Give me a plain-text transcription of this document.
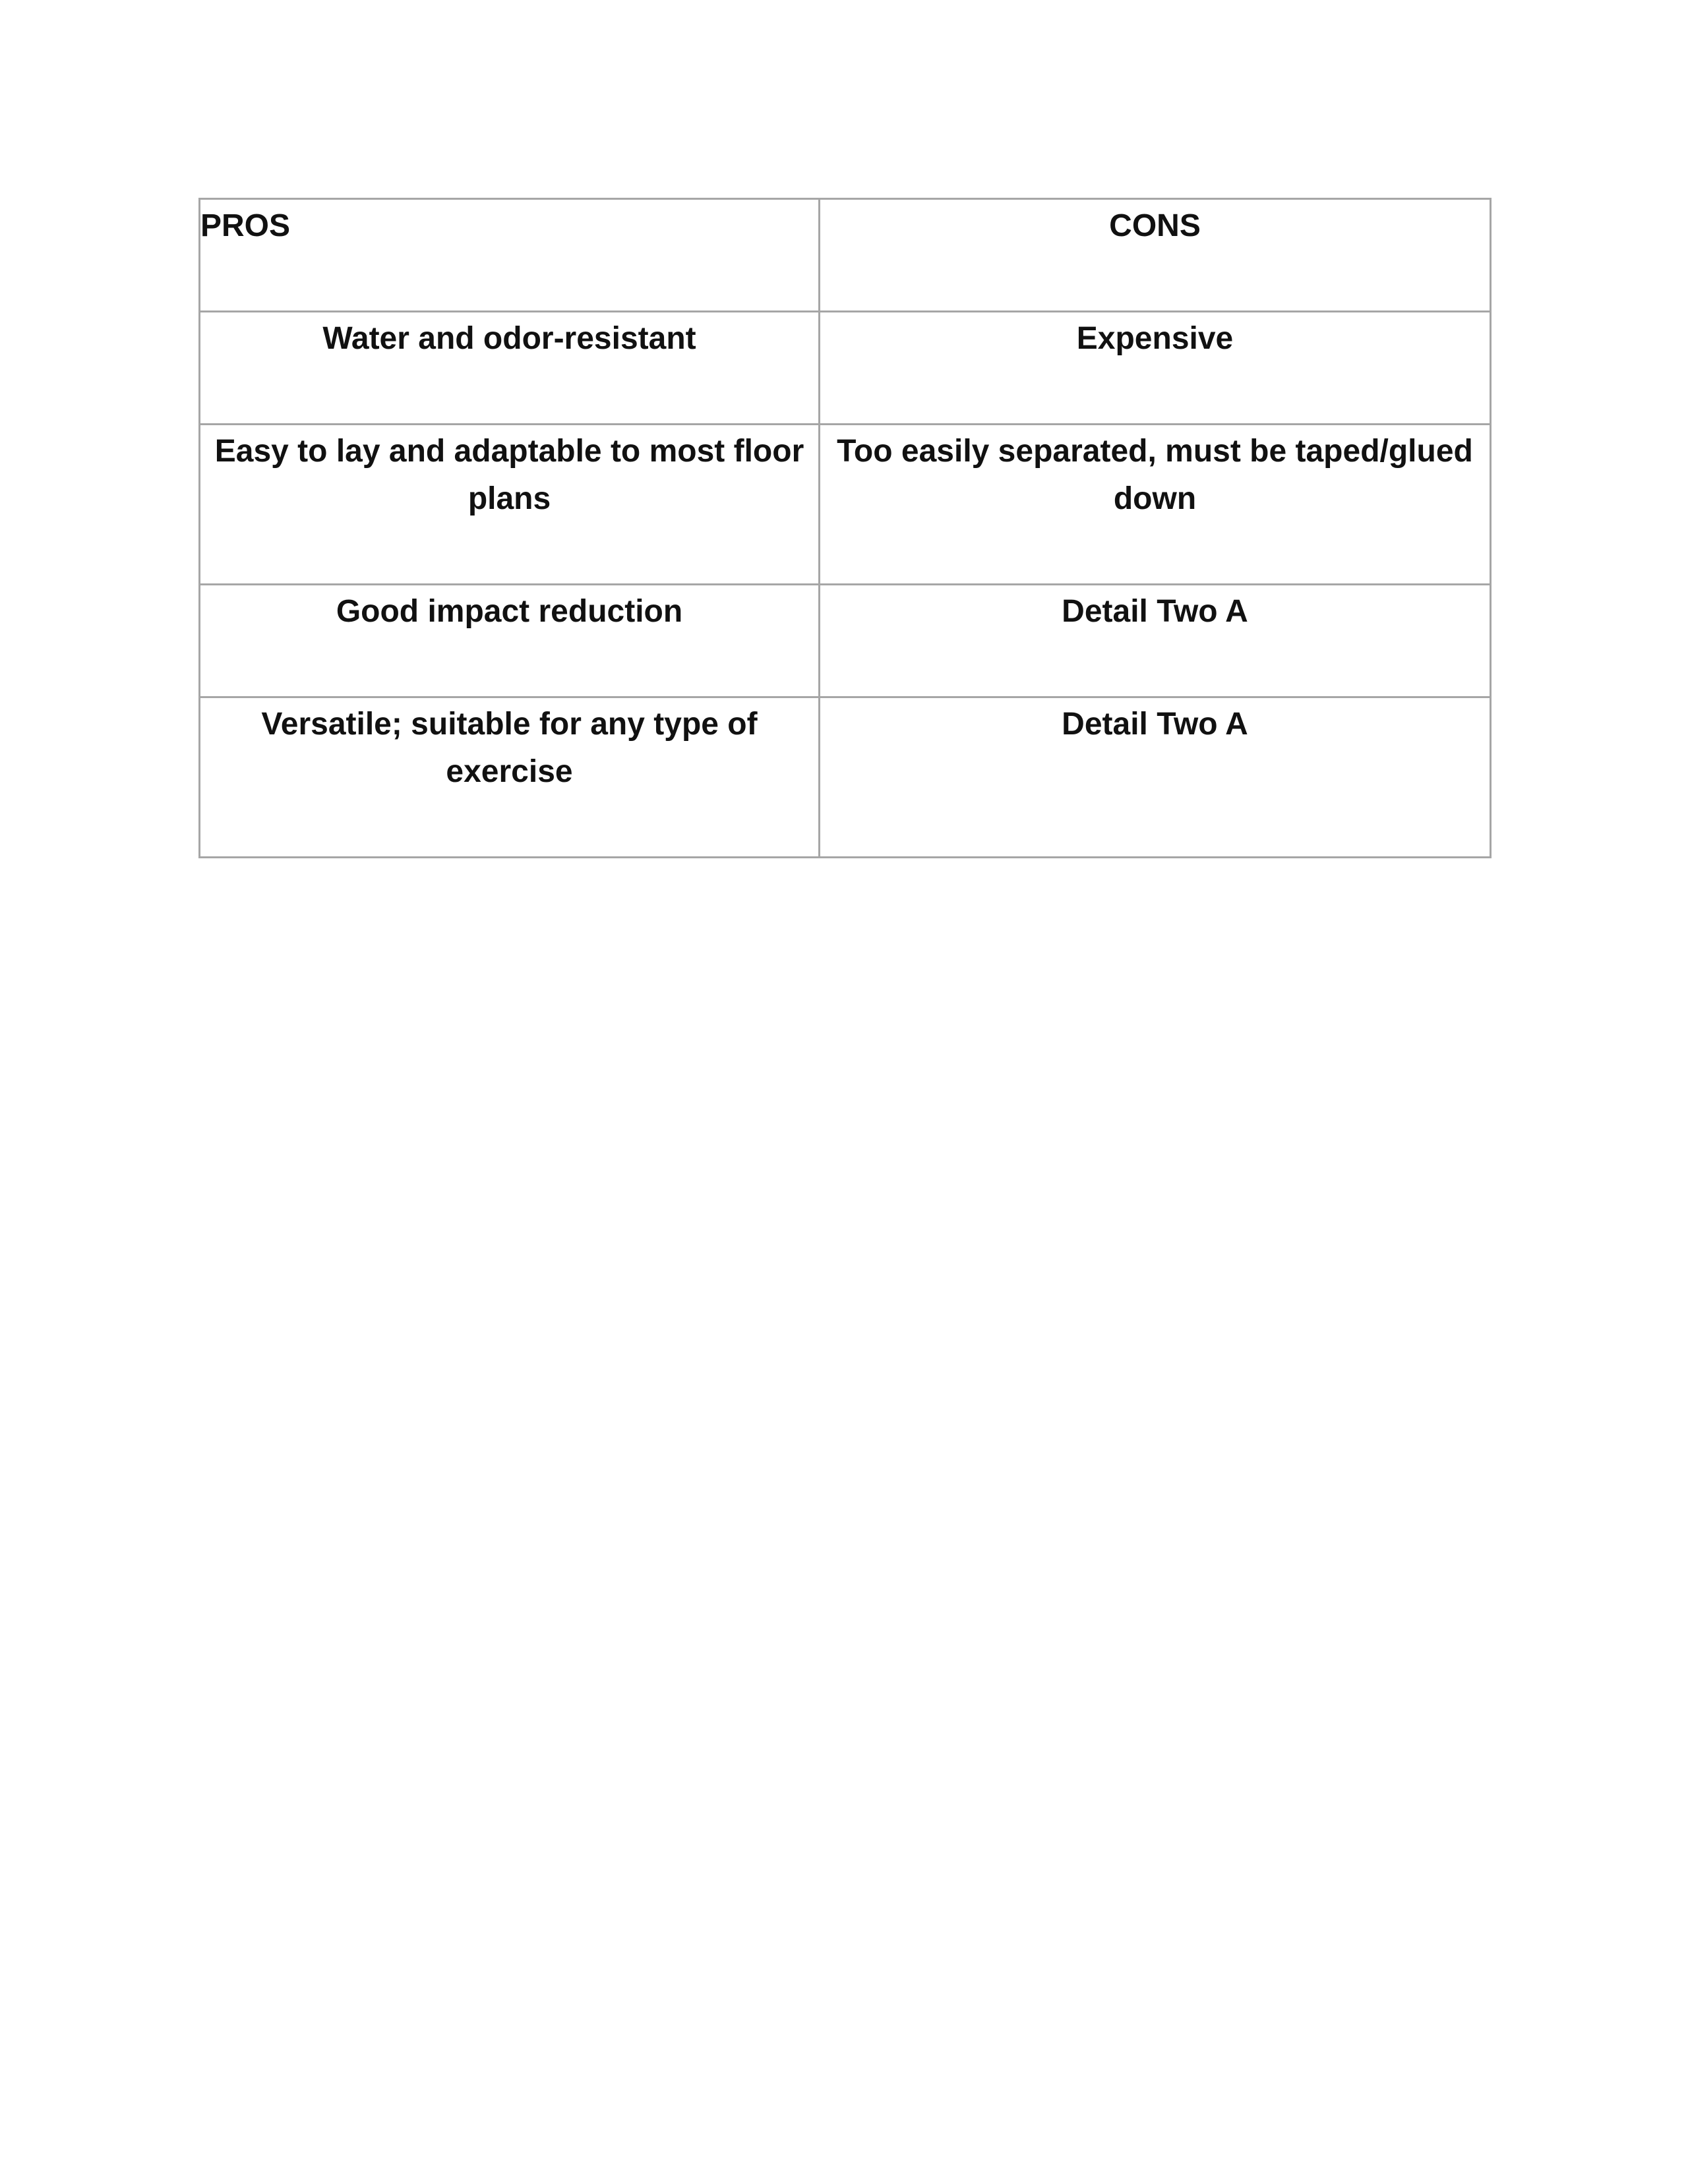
PROS	CONS

Water and odor-resistant	Expensive

Easy to lay and adaptable to most floor plans	Too easily separated, must be taped/glued down

Good impact reduction	Detail Two A

Versatile; suitable for any type of exercise	Detail Two A
